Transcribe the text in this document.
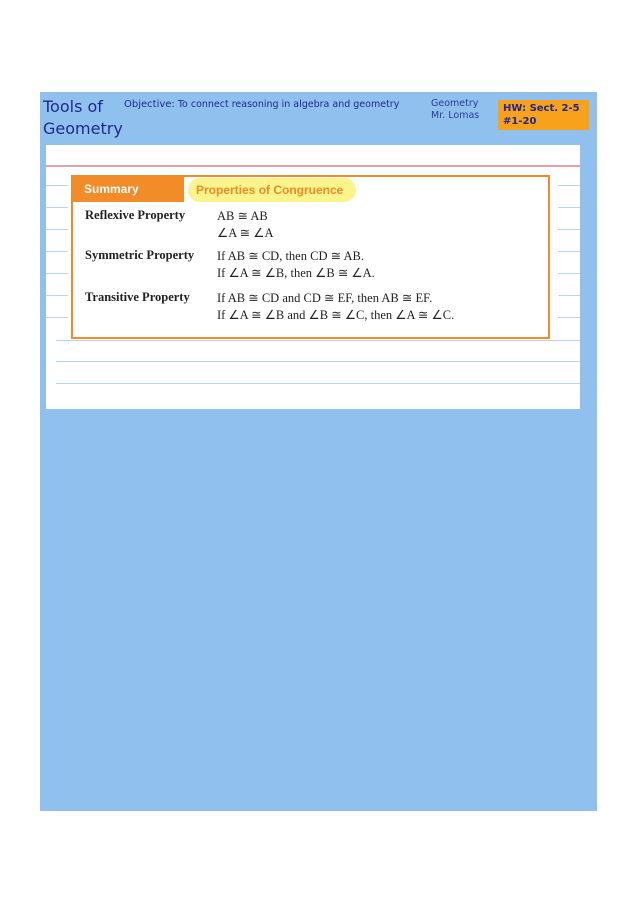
Tools of
Geometry
Objective: To connect reasoning in algebra and geometry	Geometry
Mr. Lomas
HW: Sect. 2-5
#1-20
Summary	Properties of Congruence
Reflexive Property	AB ≅ AB
∠A ≅ ∠A
Symmetric Property If AB ≅ CD, then CD ≅ AB.
If ∠A ≅ ∠B, then ∠B ≅ ∠A.
Transitive Property If AB ≅ CD and CD ≅ EF, then AB ≅ EF.
If ∠A ≅ ∠B and ∠B ≅ ∠C, then ∠A ≅ ∠C.
